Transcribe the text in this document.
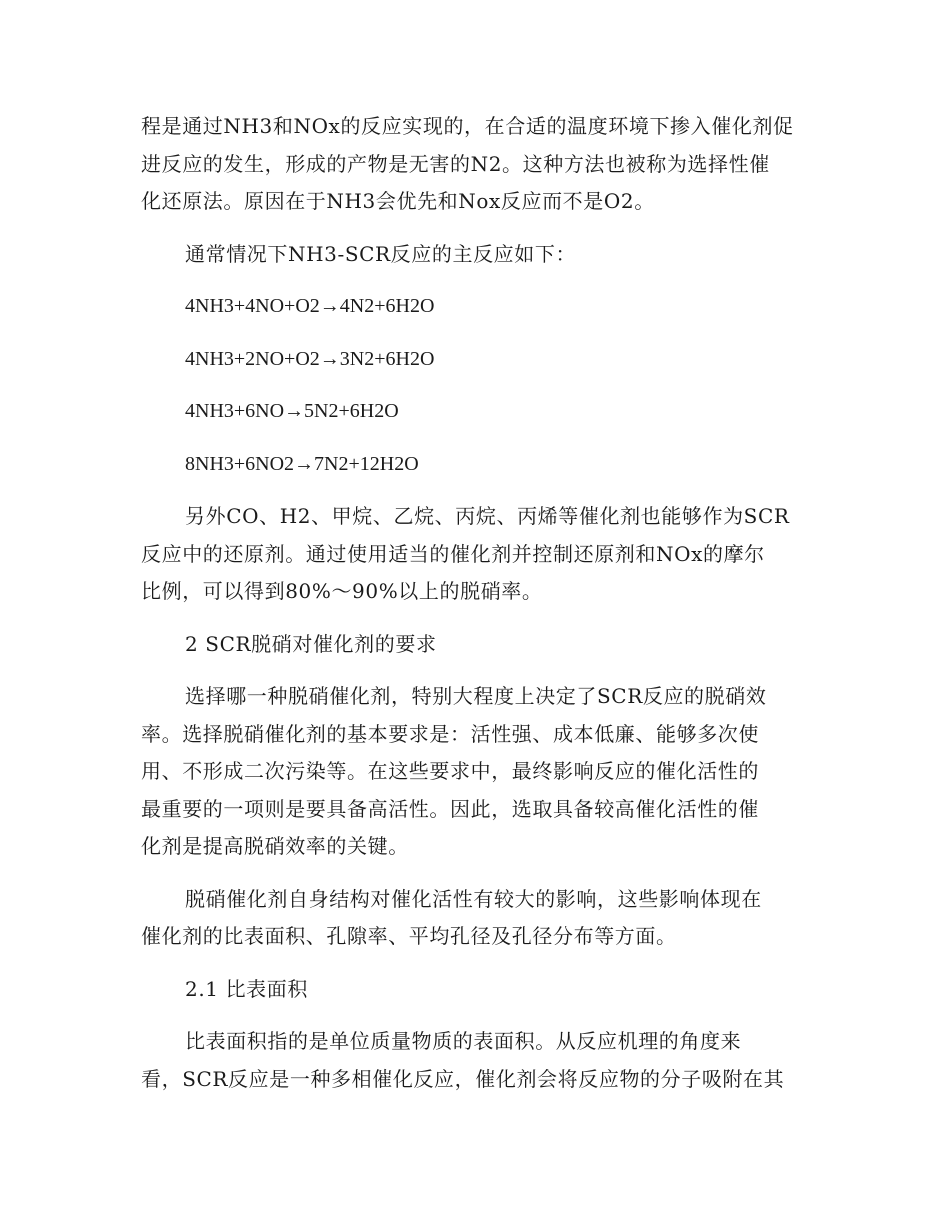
程是通过NH3和NOx的反应实现的，在合适的温度环境下掺入催化剂促
进反应的发生，形成的产物是无害的N2。这种方法也被称为选择性催
化还原法。原因在于NH3会优先和Nox反应而不是O2。

通常情况下NH3-SCR反应的主反应如下：

4NH3+4NO+O2→4N2+6H2O
4NH3+2NO+O2→3N2+6H2O
4NH3+6NO→5N2+6H2O
8NH3+6NO2→7N2+12H2O

另外CO、H2、甲烷、乙烷、丙烷、丙烯等催化剂也能够作为SCR
反应中的还原剂。通过使用适当的催化剂并控制还原剂和NOx的摩尔
比例，可以得到80%～90%以上的脱硝率。

2 SCR脱硝对催化剂的要求

选择哪一种脱硝催化剂，特别大程度上决定了SCR反应的脱硝效
率。选择脱硝催化剂的基本要求是：活性强、成本低廉、能够多次使
用、不形成二次污染等。在这些要求中，最终影响反应的催化活性的
最重要的一项则是要具备高活性。因此，选取具备较高催化活性的催
化剂是提高脱硝效率的关键。

脱硝催化剂自身结构对催化活性有较大的影响，这些影响体现在
催化剂的比表面积、孔隙率、平均孔径及孔径分布等方面。

2.1 比表面积

比表面积指的是单位质量物质的表面积。从反应机理的角度来
看，SCR反应是一种多相催化反应，催化剂会将反应物的分子吸附在其
